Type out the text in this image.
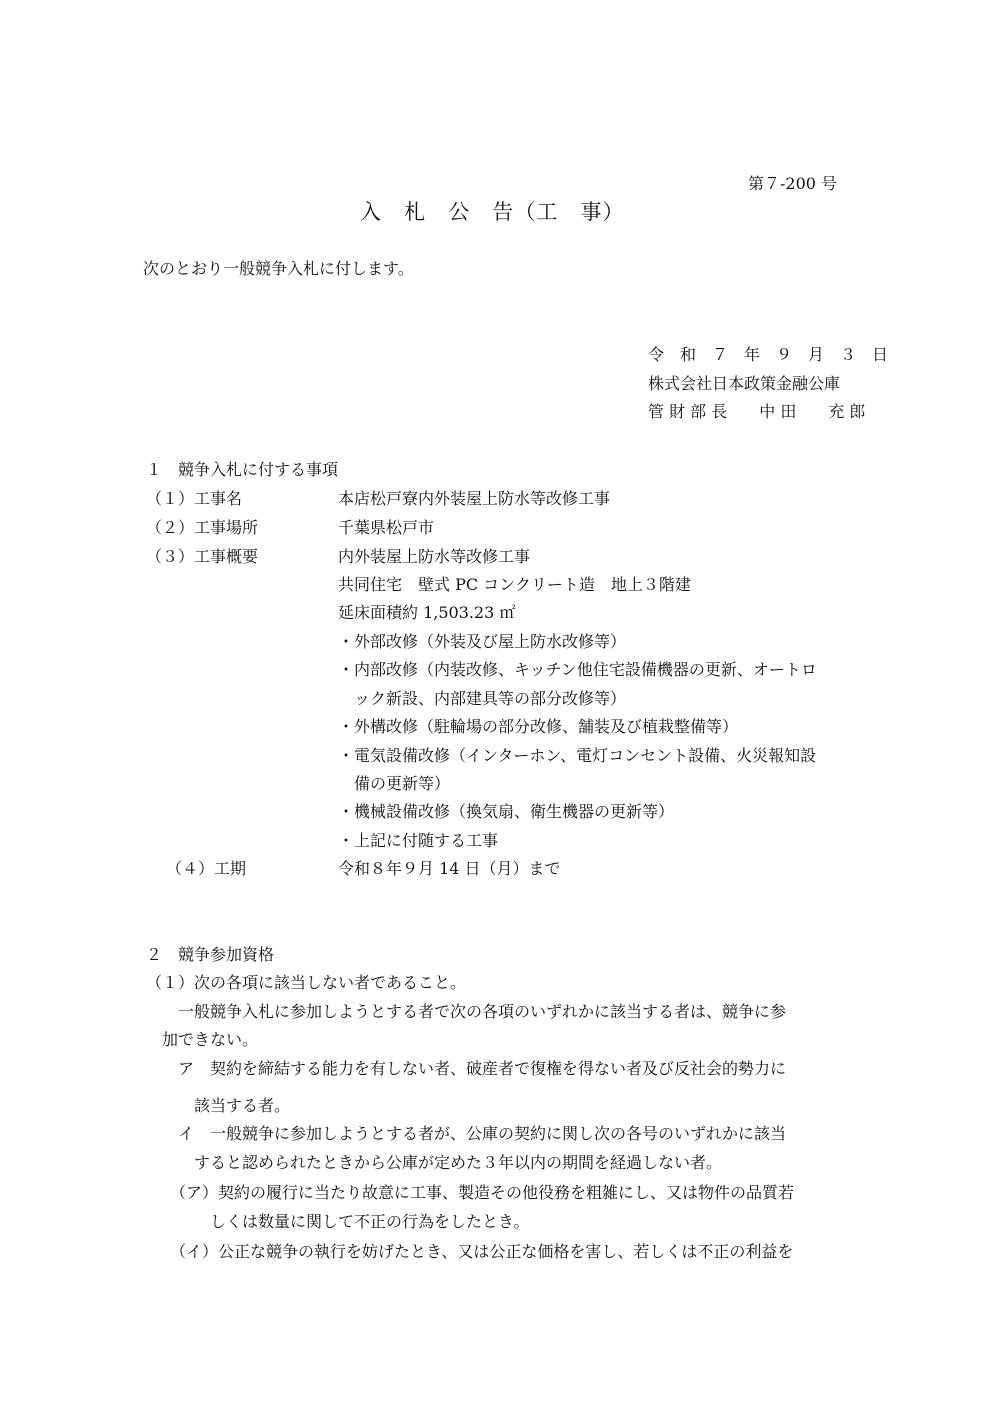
第７-200 号

入　札　公　告（工　事）

次のとおり一般競争入札に付します。

令　和　７　年　９　月　３　日

株式会社日本政策金融公庫

管 財 部 長　　中 田　　充 郎

１　競争入札に付する事項

（１）工事名	本店松戸寮内外装屋上防水等改修工事

（２）工事場所	千葉県松戸市

（３）工事概要	内外装屋上防水等改修工事

共同住宅　壁式 PC コンクリート造　地上３階建

延床面積約 1,503.23 ㎡

・外部改修（外装及び屋上防水改修等）

・内部改修（内装改修、キッチン他住宅設備機器の更新、オートロ

　ック新設、内部建具等の部分改修等）

・外構改修（駐輪場の部分改修、舗装及び植栽整備等）

・電気設備改修（インターホン、電灯コンセント設備、火災報知設

　備の更新等）

・機械設備改修（換気扇、衛生機器の更新等）

・上記に付随する工事

（４）工期	令和８年９月 14 日（月）まで

２　競争参加資格

（１）次の各項に該当しない者であること。

　　一般競争入札に参加しようとする者で次の各項のいずれかに該当する者は、競争に参

　加できない。

　　ア　契約を締結する能力を有しない者、破産者で復権を得ない者及び反社会的勢力に

　　　該当する者。

　　イ　一般競争に参加しようとする者が、公庫の契約に関し次の各号のいずれかに該当

　　　すると認められたときから公庫が定めた３年以内の期間を経過しない者。

　　（ア）契約の履行に当たり故意に工事、製造その他役務を粗雑にし、又は物件の品質若

　　　　しくは数量に関して不正の行為をしたとき。

　　（イ）公正な競争の執行を妨げたとき、又は公正な価格を害し、若しくは不正の利益を
